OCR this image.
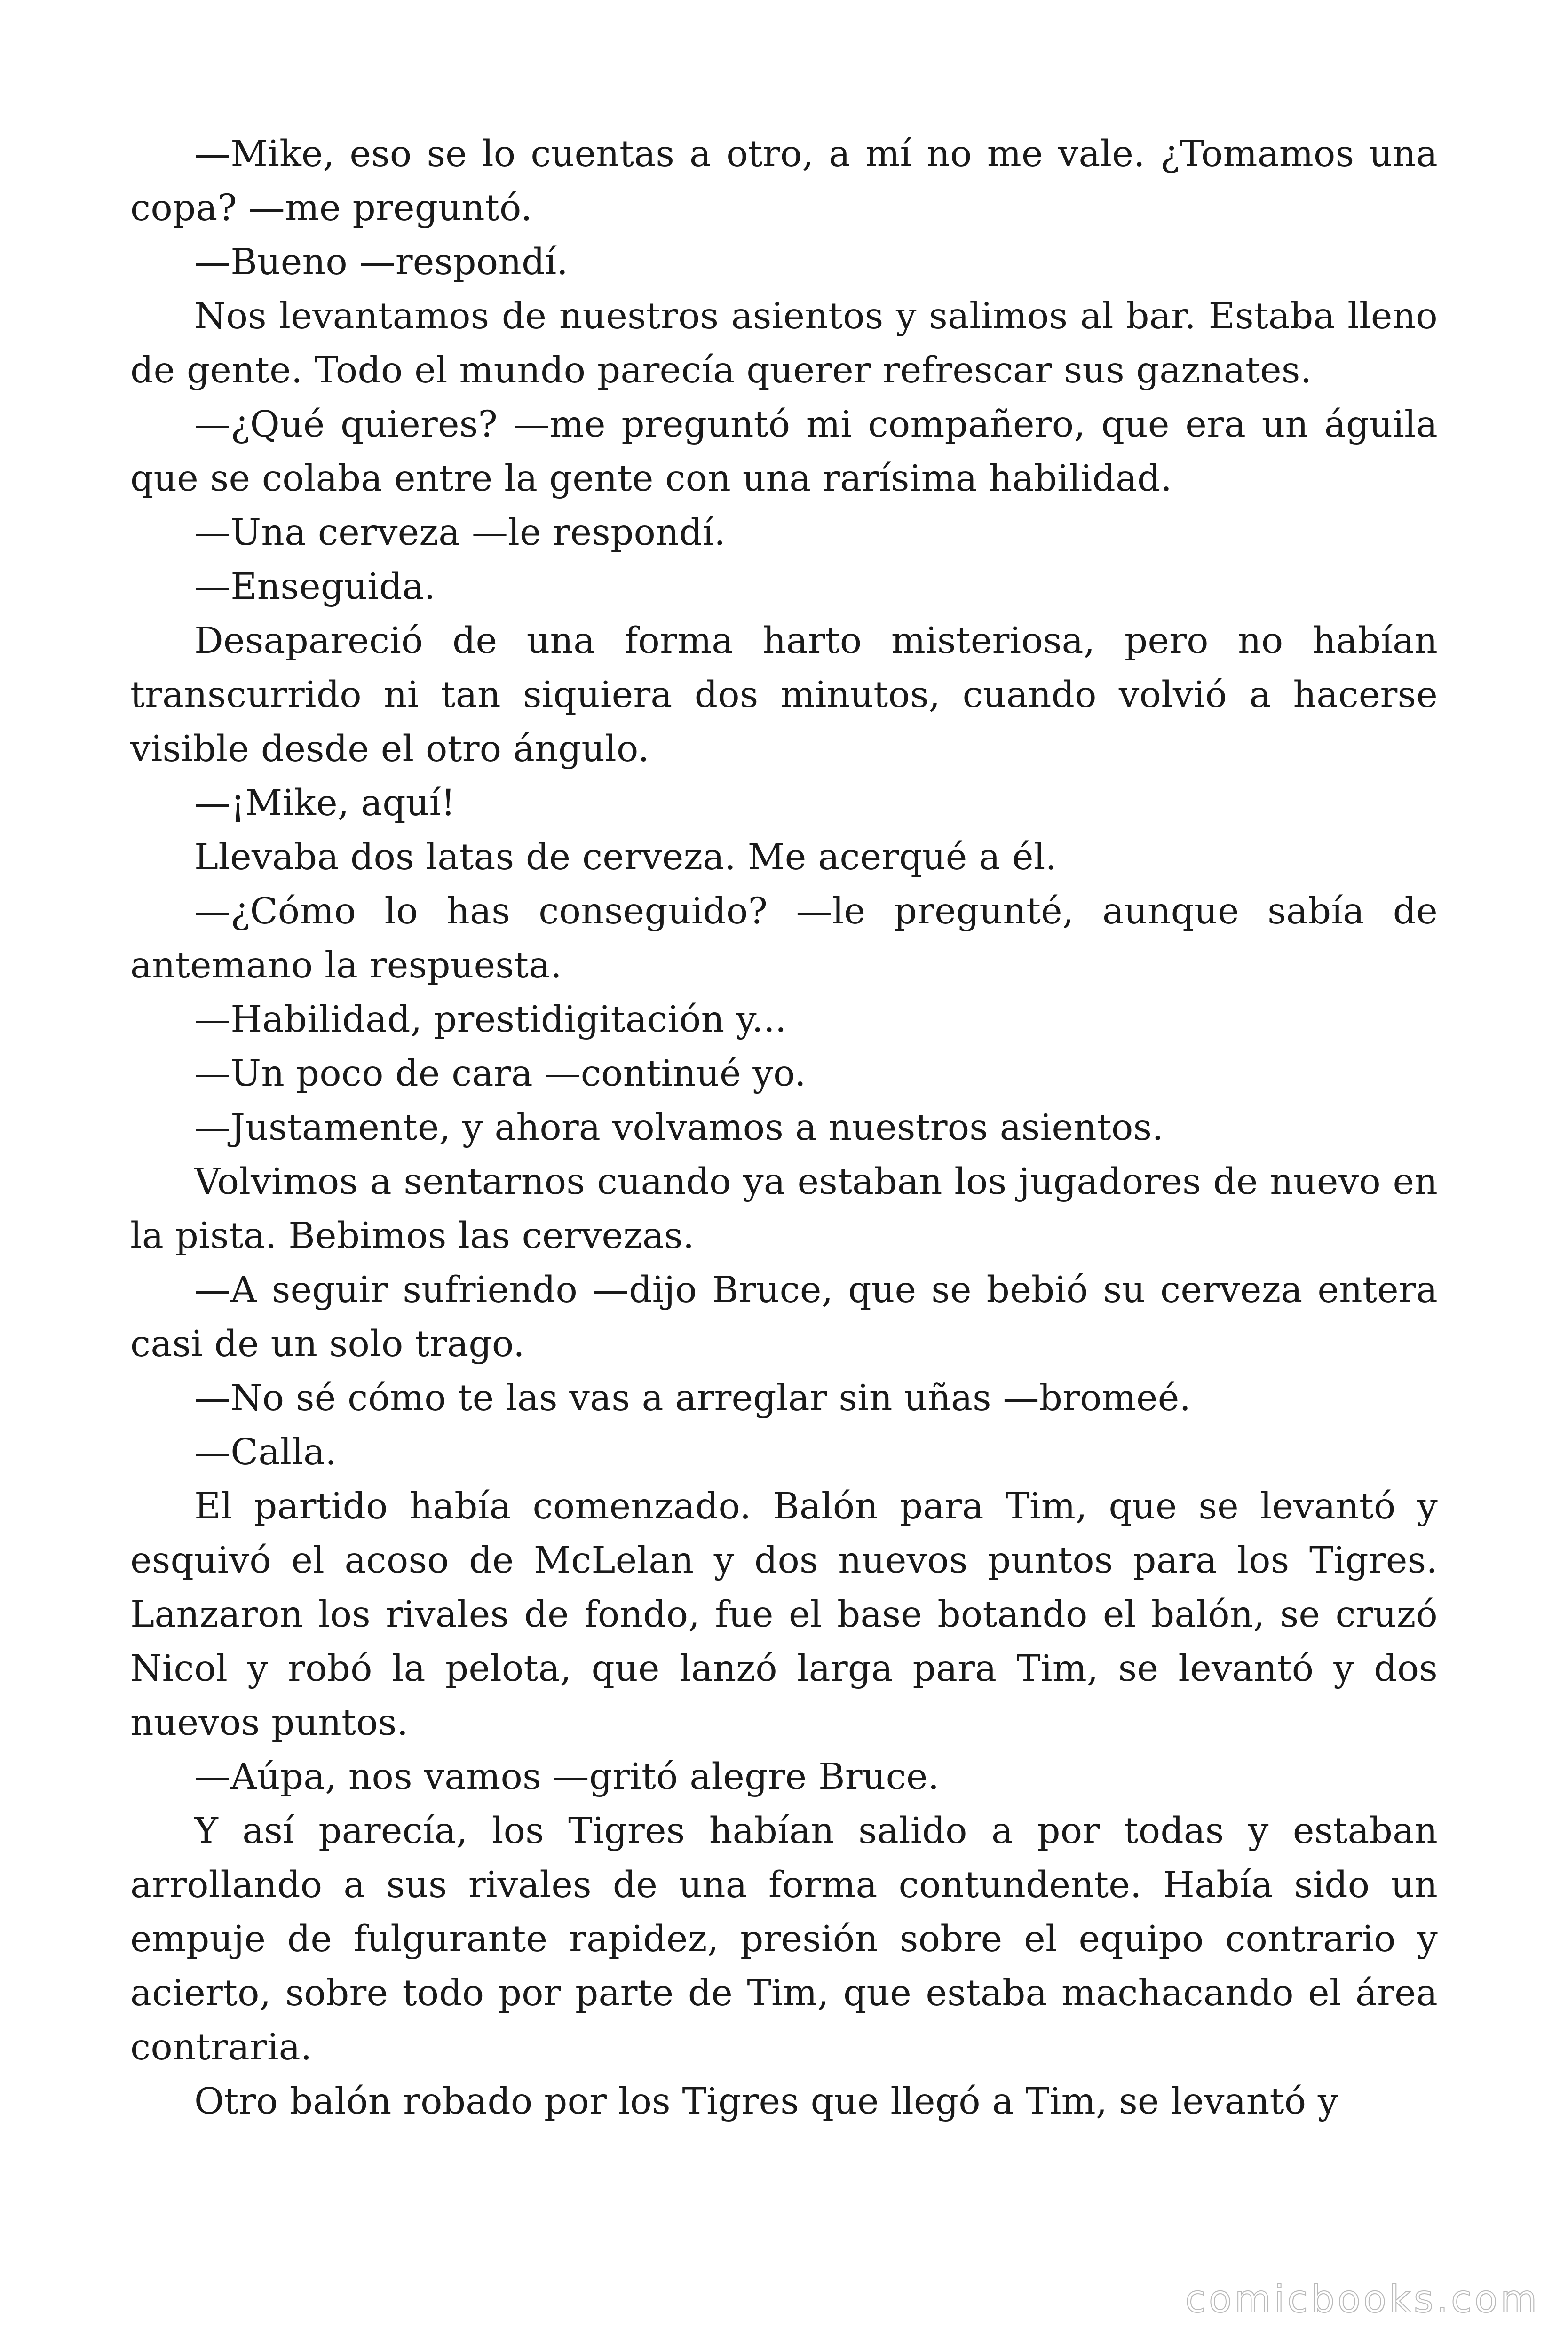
—Mike, eso se lo cuentas a otro, a mí no me vale. ¿Tomamos una copa? —me preguntó.

—Bueno —respondí.

Nos levantamos de nuestros asientos y salimos al bar. Estaba lleno de gente. Todo el mundo parecía querer refrescar sus gaznates.

—¿Qué quieres? —me preguntó mi compañero, que era un águila que se colaba entre la gente con una rarísima habilidad.

—Una cerveza —le respondí.

—Enseguida.

Desapareció de una forma harto misteriosa, pero no habían transcurrido ni tan siquiera dos minutos, cuando volvió a hacerse visible desde el otro ángulo.

—¡Mike, aquí!

Llevaba dos latas de cerveza. Me acerqué a él.

—¿Cómo lo has conseguido? —le pregunté, aunque sabía de antemano la respuesta.

—Habilidad, prestidigitación y...

—Un poco de cara —continué yo.

—Justamente, y ahora volvamos a nuestros asientos.

Volvimos a sentarnos cuando ya estaban los jugadores de nuevo en la pista. Bebimos las cervezas.

—A seguir sufriendo —dijo Bruce, que se bebió su cerveza entera casi de un solo trago.

—No sé cómo te las vas a arreglar sin uñas —bromeé.

—Calla.

El partido había comenzado. Balón para Tim, que se levantó y esquivó el acoso de McLelan y dos nuevos puntos para los Tigres. Lanzaron los rivales de fondo, fue el base botando el balón, se cruzó Nicol y robó la pelota, que lanzó larga para Tim, se levantó y dos nuevos puntos.

—Aúpa, nos vamos —gritó alegre Bruce.

Y así parecía, los Tigres habían salido a por todas y estaban arrollando a sus rivales de una forma contundente. Había sido un empuje de fulgurante rapidez, presión sobre el equipo contrario y acierto, sobre todo por parte de Tim, que estaba machacando el área contraria.

Otro balón robado por los Tigres que llegó a Tim, se levantó y

comicbooks.com
